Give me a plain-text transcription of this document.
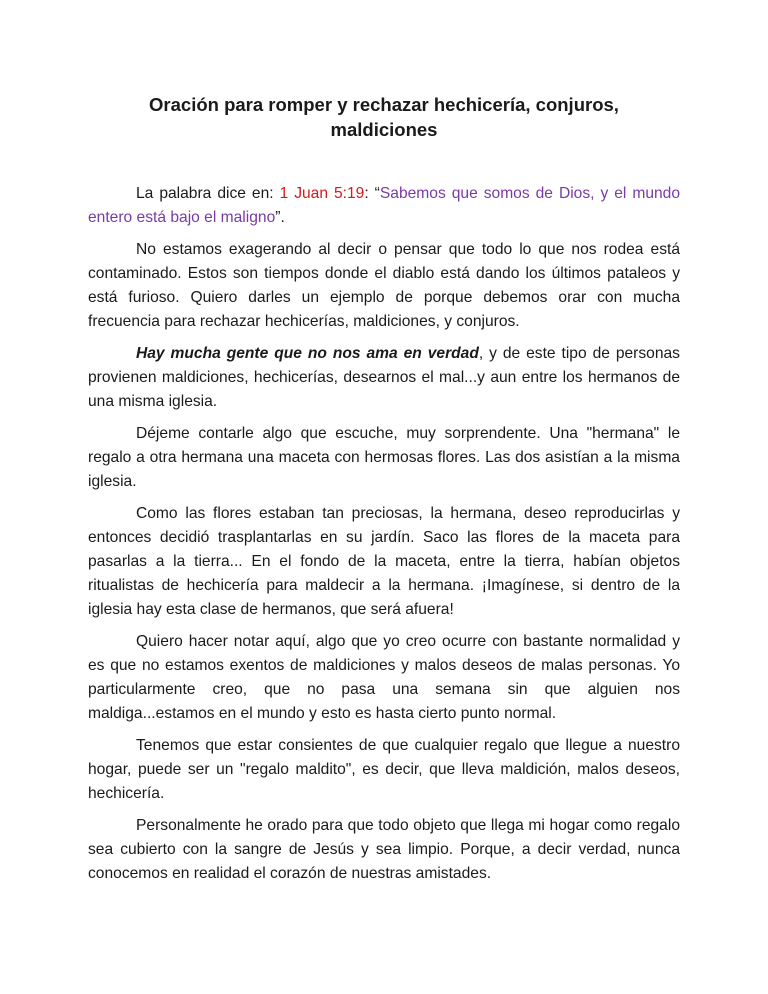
Oración para romper y rechazar hechicería, conjuros, maldiciones

La palabra dice en: 1 Juan 5:19: “Sabemos que somos de Dios, y el mundo entero está bajo el maligno”.

No estamos exagerando al decir o pensar que todo lo que nos rodea está contaminado. Estos son tiempos donde el diablo está dando los últimos pataleos y está furioso. Quiero darles un ejemplo de porque debemos orar con mucha frecuencia para rechazar hechicerías, maldiciones, y conjuros.

Hay mucha gente que no nos ama en verdad, y de este tipo de personas provienen maldiciones, hechicerías, desearnos el mal...y aun entre los hermanos de una misma iglesia.

Déjeme contarle algo que escuche, muy sorprendente. Una "hermana" le regalo a otra hermana una maceta con hermosas flores. Las dos asistían a la misma iglesia.

Como las flores estaban tan preciosas, la hermana, deseo reproducirlas y entonces decidió trasplantarlas en su jardín. Saco las flores de la maceta para pasarlas a la tierra... En el fondo de la maceta, entre la tierra, habían objetos ritualistas de hechicería para maldecir a la hermana. ¡Imagínese, si dentro de la iglesia hay esta clase de hermanos, que será afuera!

Quiero hacer notar aquí, algo que yo creo ocurre con bastante normalidad y es que no estamos exentos de maldiciones y malos deseos de malas personas. Yo particularmente creo, que no pasa una semana sin que alguien nos maldiga...estamos en el mundo y esto es hasta cierto punto normal.

Tenemos que estar consientes de que cualquier regalo que llegue a nuestro hogar, puede ser un "regalo maldito", es decir, que lleva maldición, malos deseos, hechicería.

Personalmente he orado para que todo objeto que llega mi hogar como regalo sea cubierto con la sangre de Jesús y sea limpio. Porque, a decir verdad, nunca conocemos en realidad el corazón de nuestras amistades.
